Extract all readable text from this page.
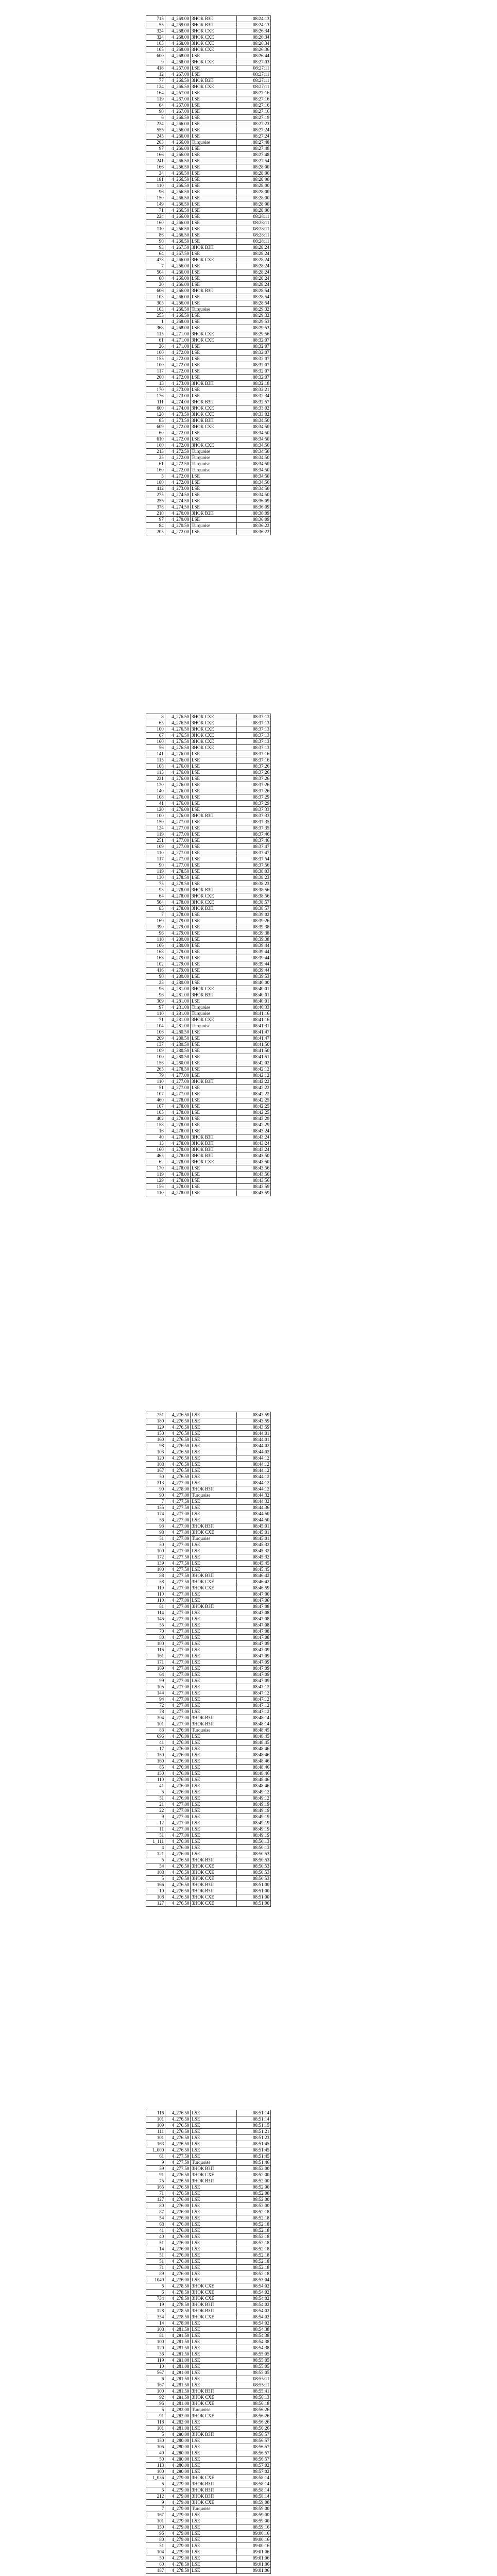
715	4_269.00	ЗНОК ВЗП	08:24:13
55	4_269.00	ЗНОК ВЗП	08:24:13
324	4_268.00	ЗНОК СХЕ	08:26:34
324	4_268.00	ЗНОК СХЕ	08:26:34
105	4_268.00	ЗНОК СХЕ	08:26:34
105	4_268.00	ЗНОК СХЕ	08:26:36
600	4_268.00	LSE	08:26:44
9	4_268.00	ЗНОК СХЕ	08:27:03
418	4_267.00	LSE	08:27:11
12	4_267.00	LSE	08:27:11
77	4_266.50	ЗНОК ВЗП	08:27:11
124	4_266.50	ЗНОК СХЕ	08:27:11
164	4_267.00	LSE	08:27:16
119	4_267.00	LSE	08:27:16
64	4_267.00	LSE	08:27:16
90	4_267.00	LSE	08:27:16
6	4_266.50	LSE	08:27:19
234	4_266.00	LSE	08:27:23
555	4_266.00	LSE	08:27:24
245	4_266.00	LSE	08:27:24
203	4_266.00	Turquoise	08:27:48
97	4_266.00	LSE	08:27:48
166	4_266.00	LSE	08:27:48
241	4_266.50	LSE	08:27:54
166	4_266.50	LSE	08:28:00
24	4_266.50	LSE	08:28:00
181	4_266.50	LSE	08:28:00
110	4_266.50	LSE	08:28:00
96	4_266.50	LSE	08:28:00
150	4_266.50	LSE	08:28:00
149	4_266.50	LSE	08:28:00
71	4_266.50	LSE	08:28:00
224	4_266.00	LSE	08:28:11
160	4_266.00	LSE	08:28:11
110	4_266.50	LSE	08:28:11
86	4_266.50	LSE	08:28:11
90	4_266.50	LSE	08:28:11
93	4_267.50	ЗНОК ВЗП	08:28:24
64	4_267.50	LSE	08:28:24
478	4_266.00	ЗНОК СХЕ	08:28:24
7	4_266.00	LSE	08:28:24
504	4_266.00	LSE	08:28:24
60	4_266.00	LSE	08:28:24
20	4_266.00	LSE	08:28:24
606	4_266.00	ЗНОК ВЗП	08:28:54
103	4_266.00	LSE	08:28:54
305	4_266.00	LSE	08:28:54
103	4_266.50	Turquoise	08:29:32
255	4_266.50	LSE	08:29:32
1	4_268.00	LSE	08:29:53
368	4_268.00	LSE	08:29:53
115	4_271.00	ЗНОК СХЕ	08:29:56
61	4_271.00	ЗНОК СХЕ	08:32:07
26	4_271.00	LSE	08:32:07
100	4_272.00	LSE	08:32:07
155	4_272.00	LSE	08:32:07
100	4_272.00	LSE	08:32:07
117	4_272.00	LSE	08:32:07
200	4_272.00	LSE	08:32:07
13	4_273.00	ЗНОК ВЗП	08:32:18
170	4_273.00	LSE	08:32:21
176	4_273.00	LSE	08:32:34
111	4_274.00	ЗНОК ВЗП	08:32:57
600	4_274.00	ЗНОК СХЕ	08:33:02
120	4_273.50	ЗНОК СХЕ	08:33:02
85	4_273.50	ЗНОК ВЗП	08:34:50
609	4_272.00	ЗНОК СХЕ	08:34:50
60	4_272.00	LSE	08:34:50
610	4_272.00	LSE	08:34:50
160	4_272.00	ЗНОК СХЕ	08:34:50
213	4_272.50	Turquoise	08:34:50
25	4_272.00	Turquoise	08:34:50
61	4_272.50	Turquoise	08:34:50
160	4_272.00	Turquoise	08:34:50
5	4_272.00	LSE	08:34:50
180	4_272.00	LSE	08:34:50
412	4_273.00	LSE	08:34:50
275	4_274.50	LSE	08:34:50
255	4_274.50	LSE	08:36:09
378	4_274.50	LSE	08:36:09
210	4_270.00	ЗНОК ВЗП	08:36:09
97	4_270.00	LSE	08:36:09
84	4_270.50	Turquoise	08:36:22
205	4_272.00	LSE	08:36:22
8	4_276.50	ЗНОК СХЕ	08:37:13
65	4_276.50	ЗНОК СХЕ	08:37:13
100	4_276.50	ЗНОК СХЕ	08:37:13
67	4_276.50	ЗНОК СХЕ	08:37:13
160	4_276.50	ЗНОК СХЕ	08:37:13
56	4_276.50	ЗНОК СХЕ	08:37:13
141	4_276.00	LSE	08:37:16
115	4_276.00	LSE	08:37:16
108	4_276.00	LSE	08:37:26
115	4_276.00	LSE	08:37:26
221	4_276.00	LSE	08:37:26
120	4_276.00	LSE	08:37:26
140	4_276.00	LSE	08:37:26
108	4_276.00	LSE	08:37:29
41	4_276.00	LSE	08:37:29
120	4_276.00	LSE	08:37:33
100	4_276.00	ЗНОК ВЗП	08:37:33
150	4_277.00	LSE	08:37:35
124	4_277.00	LSE	08:37:35
119	4_277.00	LSE	08:37:46
251	4_277.00	LSE	08:37:46
109	4_277.00	LSE	08:37:47
110	4_277.00	LSE	08:37:47
117	4_277.00	LSE	08:37:54
90	4_277.00	LSE	08:37:56
119	4_278.50	LSE	08:38:03
130	4_278.50	LSE	08:38:23
75	4_278.50	LSE	08:38:23
93	4_278.00	ЗНОК ВЗП	08:38:56
64	4_278.00	ЗНОК СХЕ	08:38:56
564	4_278.00	ЗНОК СХЕ	08:38:57
85	4_278.00	ЗНОК ВЗП	08:38:57
7	4_278.00	LSE	08:39:02
169	4_279.00	LSE	08:39:26
390	4_279.00	LSE	08:39:38
96	4_279.00	LSE	08:39:38
110	4_280.00	LSE	08:39:38
106	4_280.00	LSE	08:39:44
168	4_279.00	LSE	08:39:44
163	4_279.00	LSE	08:39:44
102	4_279.00	LSE	08:39:44
416	4_279.00	LSE	08:39:44
90	4_280.00	LSE	08:39:53
23	4_280.00	LSE	08:40:00
96	4_281.00	ЗНОК СХЕ	08:40:01
96	4_281.00	ЗНОК ВЗП	08:40:01
309	4_281.00	LSE	08:40:01
97	4_281.00	Turquoise	08:40:33
110	4_281.00	Turquoise	08:41:16
71	4_281.00	ЗНОК СХЕ	08:41:16
104	4_281.00	Turquoise	08:41:31
106	4_280.50	LSE	08:41:47
209	4_280.50	LSE	08:41:47
137	4_280.50	LSE	08:41:50
109	4_280.50	LSE	08:41:50
100	4_280.50	LSE	08:41:51
156	4_280.00	LSE	08:42:02
265	4_278.50	LSE	08:42:12
79	4_277.00	LSE	08:42:12
110	4_277.00	ЗНОК ВЗП	08:42:22
51	4_277.00	LSE	08:42:22
107	4_277.00	LSE	08:42:22
460	4_278.00	LSE	08:42:25
107	4_278.00	LSE	08:42:25
105	4_278.00	LSE	08:42:25
402	4_278.00	LSE	08:42:29
158	4_278.00	LSE	08:42:29
16	4_278.00	LSE	08:43:24
40	4_278.00	ЗНОК ВЗП	08:43:24
15	4_278.00	ЗНОК ВЗП	08:43:24
160	4_278.00	ЗНОК ВЗП	08:43:24
465	4_278.00	ЗНОК ВЗП	08:43:50
62	4_278.00	ЗНОК СХЕ	08:43:50
170	4_278.00	LSE	08:43:56
119	4_278.00	LSE	08:43:56
129	4_278.00	LSE	08:43:56
156	4_278.00	LSE	08:43:59
110	4_278.00	LSE	08:43:59
251	4_276.50	LSE	08:43:59
180	4_276.50	LSE	08:43:59
129	4_276.50	LSE	08:43:59
150	4_276.50	LSE	08:44:01
160	4_276.50	LSE	08:44:01
98	4_276.50	LSE	08:44:02
103	4_276.50	LSE	08:44:02
120	4_276.50	LSE	08:44:12
108	4_276.50	LSE	08:44:12
167	4_276.50	LSE	08:44:12
50	4_276.50	LSE	08:44:12
313	4_277.00	LSE	08:44:12
90	4_278.00	ЗНОК ВЗП	08:44:12
90	4_277.00	Turquoise	08:44:32
7	4_277.50	LSE	08:44:32
155	4_277.50	LSE	08:44:36
174	4_277.00	LSE	08:44:50
56	4_277.00	LSE	08:44:50
93	4_277.00	ЗНОК ВЗП	08:45:01
98	4_277.00	ЗНОК СХЕ	08:45:01
51	4_277.00	Turquoise	08:45:01
50	4_277.00	LSE	08:45:32
100	4_277.00	LSE	08:45:32
172	4_277.50	LSE	08:45:32
139	4_277.50	LSE	08:45:45
100	4_277.50	LSE	08:45:45
88	4_277.50	ЗНОК ВЗП	08:46:42
58	4_277.50	ЗНОК СХЕ	08:46:42
119	4_277.00	ЗНОК СХЕ	08:46:59
110	4_277.00	LSE	08:47:00
110	4_277.00	LSE	08:47:00
81	4_277.00	ЗНОК ВЗП	08:47:08
114	4_277.00	LSE	08:47:08
145	4_277.00	LSE	08:47:08
55	4_277.00	LSE	08:47:08
70	4_277.00	LSE	08:47:08
80	4_277.00	LSE	08:47:08
100	4_277.00	LSE	08:47:09
116	4_277.00	LSE	08:47:09
161	4_277.00	LSE	08:47:09
171	4_277.00	LSE	08:47:09
169	4_277.00	LSE	08:47:09
64	4_277.00	LSE	08:47:09
99	4_277.00	LSE	08:47:09
105	4_277.00	LSE	08:47:12
144	4_277.00	LSE	08:47:12
94	4_277.00	LSE	08:47:12
72	4_277.00	LSE	08:47:12
78	4_277.00	LSE	08:47:12
304	4_277.00	ЗНОК ВЗП	08:48:14
101	4_277.00	ЗНОК ВЗП	08:48:14
83	4_276.00	Turquoise	08:48:45
696	4_276.00	LSE	08:48:45
41	4_276.00	LSE	08:48:45
17	4_276.00	LSE	08:48:46
150	4_276.00	LSE	08:48:46
160	4_276.00	LSE	08:48:46
85	4_276.00	LSE	08:48:46
150	4_276.00	LSE	08:48:46
110	4_276.00	LSE	08:48:46
41	4_276.00	LSE	08:48:46
5	4_276.00	LSE	08:49:12
51	4_276.00	LSE	08:49:12
21	4_277.00	LSE	08:49:19
22	4_277.00	LSE	08:49:19
9	4_277.00	LSE	08:49:19
12	4_277.00	LSE	08:49:19
11	4_277.00	LSE	08:49:19
51	4_277.00	LSE	08:49:19
1_111	4_276.00	LSE	08:50:13
4	4_276.00	LSE	08:50:13
121	4_276.00	LSE	08:50:53
5	4_276.50	ЗНОК ВЗП	08:50:53
54	4_276.50	ЗНОК СХЕ	08:50:53
108	4_276.50	ЗНОК СХЕ	08:50:53
5	4_276.50	ЗНОК СХЕ	08:50:53
166	4_276.50	ЗНОК ВЗП	08:51:00
10	4_276.50	ЗНОК ВЗП	08:51:00
108	4_276.50	ЗНОК СХЕ	08:51:00
127	4_276.50	ЗНОК СХЕ	08:51:00
116	4_276.50	LSE	08:51:14
101	4_276.50	LSE	08:51:14
109	4_276.50	LSE	08:51:15
111	4_276.50	LSE	08:51:21
101	4_276.50	LSE	08:51:23
163	4_276.50	LSE	08:51:45
1_000	4_276.50	LSE	08:51:45
61	4_277.50	LSE	08:51:45
9	4_277.50	Turquoise	08:51:46
59	4_277.50	ЗНОК ВЗП	08:52:00
91	4_276.50	ЗНОК СХЕ	08:52:00
75	4_276.50	ЗНОК ВЗП	08:52:00
165	4_276.50	LSE	08:52:00
71	4_276.50	LSE	08:52:00
127	4_276.00	LSE	08:52:00
80	4_276.00	LSE	08:52:00
87	4_276.00	LSE	08:52:18
54	4_276.00	LSE	08:52:18
68	4_276.00	LSE	08:52:18
41	4_276.00	LSE	08:52:18
40	4_276.00	LSE	08:52:18
51	4_276.00	LSE	08:52:18
14	4_276.00	LSE	08:52:18
51	4_276.00	LSE	08:52:18
51	4_276.00	LSE	08:52:18
71	4_276.00	LSE	08:52:18
89	4_276.00	LSE	08:52:18
1049	4_276.00	LSE	08:53:04
5	4_278.50	ЗНОК СХЕ	08:54:02
6	4_278.50	ЗНОК СХЕ	08:54:02
734	4_278.50	ЗНОК СХЕ	08:54:02
19	4_278.50	ЗНОК ВЗП	08:54:02
128	4_278.50	ЗНОК ВЗП	08:54:02
354	4_278.50	ЗНОК СХЕ	08:54:02
14	4_278.00	LSE	08:54:02
108	4_281.50	LSE	08:54:38
81	4_281.50	LSE	08:54:38
100	4_281.50	LSE	08:54:38
120	4_281.50	LSE	08:54:38
36	4_281.50	LSE	08:55:05
119	4_281.00	LSE	08:55:05
10	4_281.00	LSE	08:55:05
567	4_281.00	LSE	08:55:05
6	4_281.50	LSE	08:55:11
167	4_281.50	LSE	08:55:11
100	4_281.50	ЗНОК ВЗП	08:55:41
92	4_281.50	ЗНОК СХЕ	08:56:13
96	4_281.00	ЗНОК СХЕ	08:56:18
5	4_282.00	Turquoise	08:56:26
91	4_282.00	ЗНОК СХЕ	08:56:26
118	4_282.00	LSE	08:56:26
101	4_281.00	LSE	08:56:26
5	4_280.00	ЗНОК ВЗП	08:56:57
150	4_280.00	LSE	08:56:57
106	4_280.00	LSE	08:56:57
49	4_280.00	LSE	08:56:57
50	4_280.00	LSE	08:56:57
113	4_280.00	LSE	08:57:02
100	4_280.00	LSE	08:57:02
1_036	4_279.00	ЗНОК СХЕ	08:58:14
5	4_279.00	ЗНОК ВЗП	08:58:14
5	4_279.00	ЗНОК ВЗП	08:58:14
212	4_279.00	ЗНОК ВЗП	08:58:14
9	4_279.00	ЗНОК СХЕ	08:59:00
7	4_279.00	Turquoise	08:59:00
167	4_279.00	LSE	08:59:00
101	4_279.00	LSE	08:59:00
150	4_279.00	LSE	08:59:16
96	4_279.00	LSE	09:00:16
80	4_279.00	LSE	09:00:16
51	4_279.00	LSE	09:00:16
104	4_279.00	LSE	09:01:06
50	4_279.00	LSE	09:01:06
60	4_278.50	LSE	09:01:06
187	4_278.50	LSE	09:01:06
